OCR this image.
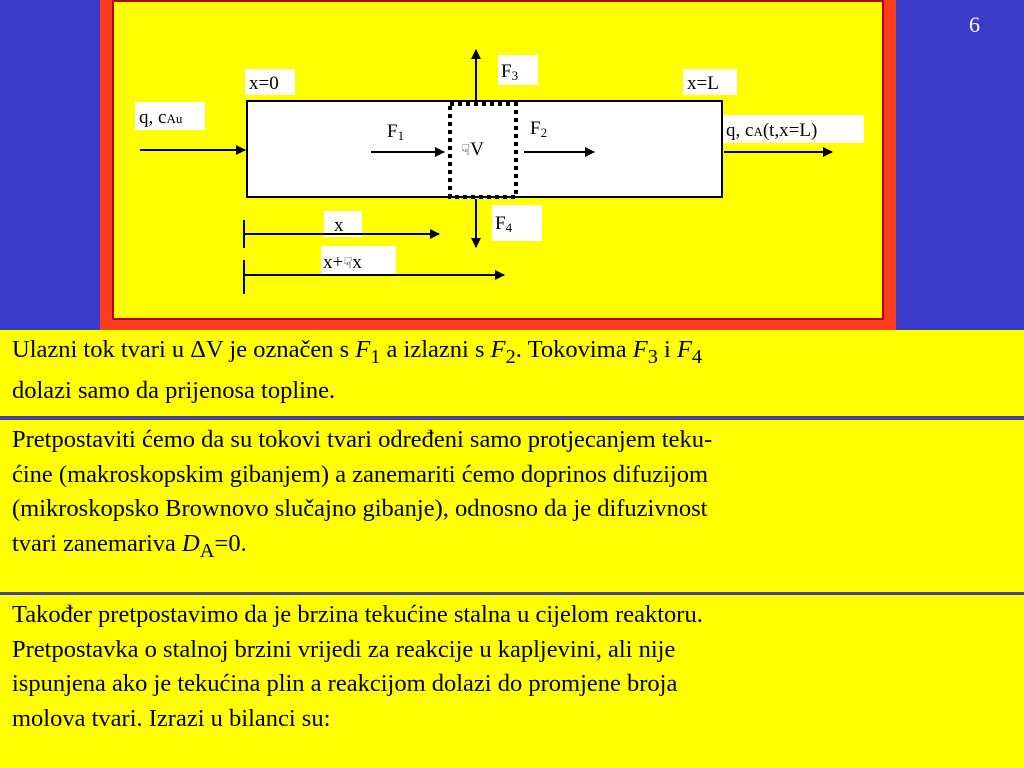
6
q, cAu
x=0	x=L
q, cA(t,x=L)
F1
☟V
F2
F3
F4
x
x+☟x
Ulazni tok tvari u ΔV je označen s $F_1$ a izlazni s $F_2$. Tokovima $F_3$ i $F_4$
dolazi samo da prijenosa topline.
Pretpostaviti ćemo da su tokovi tvari određeni samo protjecanjem teku-
ćine (makroskopskim gibanjem) a zanemariti ćemo doprinos difuzijom
(mikroskopsko Brownovo slučajno gibanje), odnosno da je difuzivnost
tvari zanemariva $D_A=0$.
Također pretpostavimo da je brzina tekućine stalna u cijelom reaktoru.
Pretpostavka o stalnoj brzini vrijedi za reakcije u kapljevini, ali nije
ispunjena ako je tekućina plin a reakcijom dolazi do promjene broja
molova tvari. Izrazi u bilanci su:
